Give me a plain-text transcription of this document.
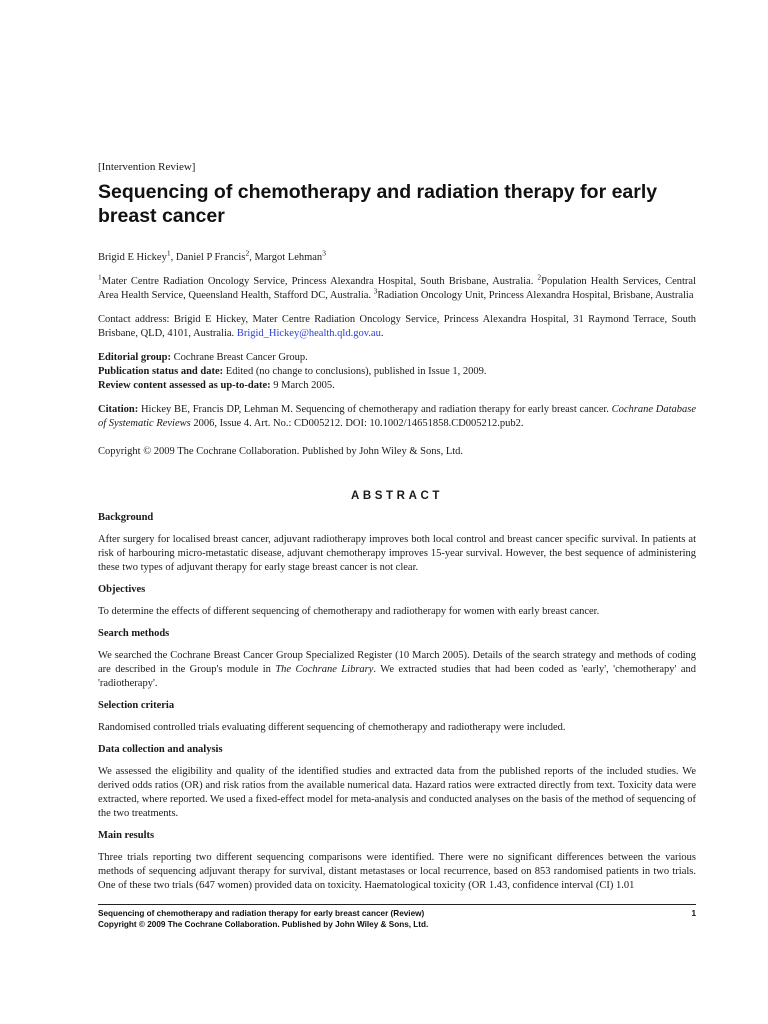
[Intervention Review]

Sequencing of chemotherapy and radiation therapy for early breast cancer

Brigid E Hickey$^1$, Daniel P Francis$^2$, Margot Lehman$^3$

$^1$Mater Centre Radiation Oncology Service, Princess Alexandra Hospital, South Brisbane, Australia. $^2$Population Health Services, Central Area Health Service, Queensland Health, Stafford DC, Australia. $^3$Radiation Oncology Unit, Princess Alexandra Hospital, Brisbane, Australia

Contact address: Brigid E Hickey, Mater Centre Radiation Oncology Service, Princess Alexandra Hospital, 31 Raymond Terrace, South Brisbane, QLD, 4101, Australia. Brigid_Hickey@health.qld.gov.au.

Editorial group: Cochrane Breast Cancer Group.
Publication status and date: Edited (no change to conclusions), published in Issue 1, 2009.
Review content assessed as up-to-date: 9 March 2005.

Citation: Hickey BE, Francis DP, Lehman M. Sequencing of chemotherapy and radiation therapy for early breast cancer. Cochrane Database of Systematic Reviews 2006, Issue 4. Art. No.: CD005212. DOI: 10.1002/14651858.CD005212.pub2.

Copyright © 2009 The Cochrane Collaboration. Published by John Wiley & Sons, Ltd.

ABSTRACT
Background

After surgery for localised breast cancer, adjuvant radiotherapy improves both local control and breast cancer specific survival. In patients at risk of harbouring micro-metastatic disease, adjuvant chemotherapy improves 15-year survival. However, the best sequence of administering these two types of adjuvant therapy for early stage breast cancer is not clear.

Objectives

To determine the effects of different sequencing of chemotherapy and radiotherapy for women with early breast cancer.

Search methods

We searched the Cochrane Breast Cancer Group Specialized Register (10 March 2005). Details of the search strategy and methods of coding are described in the Group's module in The Cochrane Library. We extracted studies that had been coded as 'early', 'chemotherapy' and 'radiotherapy'.

Selection criteria

Randomised controlled trials evaluating different sequencing of chemotherapy and radiotherapy were included.

Data collection and analysis

We assessed the eligibility and quality of the identified studies and extracted data from the published reports of the included studies. We derived odds ratios (OR) and risk ratios from the available numerical data. Hazard ratios were extracted directly from text. Toxicity data were extracted, where reported. We used a fixed-effect model for meta-analysis and conducted analyses on the basis of the method of sequencing of the two treatments.

Main results

Three trials reporting two different sequencing comparisons were identified. There were no significant differences between the various methods of sequencing adjuvant therapy for survival, distant metastases or local recurrence, based on 853 randomised patients in two trials. One of these two trials (647 women) provided data on toxicity. Haematological toxicity (OR 1.43, confidence interval (CI) 1.01

Sequencing of chemotherapy and radiation therapy for early breast cancer (Review)	1
Copyright © 2009 The Cochrane Collaboration. Published by John Wiley & Sons, Ltd.
